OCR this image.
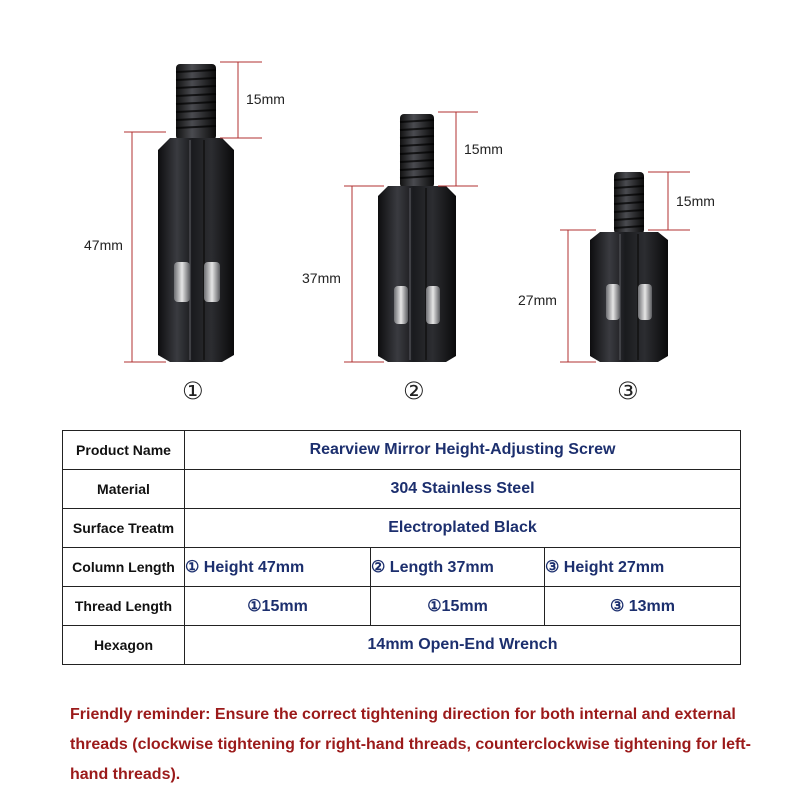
15mm
47mm
15mm
37mm
15mm
27mm
①	②	③
Product Name	Rearview Mirror Height-Adjusting Screw		
Material	304 Stainless Steel		
Surface Treatm	Electroplated Black		
Column Length	① Height 47mm	② Length 37mm	③ Height 27mm
Thread Length	①15mm	①15mm	③ 13mm
Hexagon	14mm Open-End Wrench		
Friendly reminder: Ensure the correct tightening direction for both internal and external threads (clockwise tightening for right-hand threads, counterclockwise tightening for left-hand threads).
